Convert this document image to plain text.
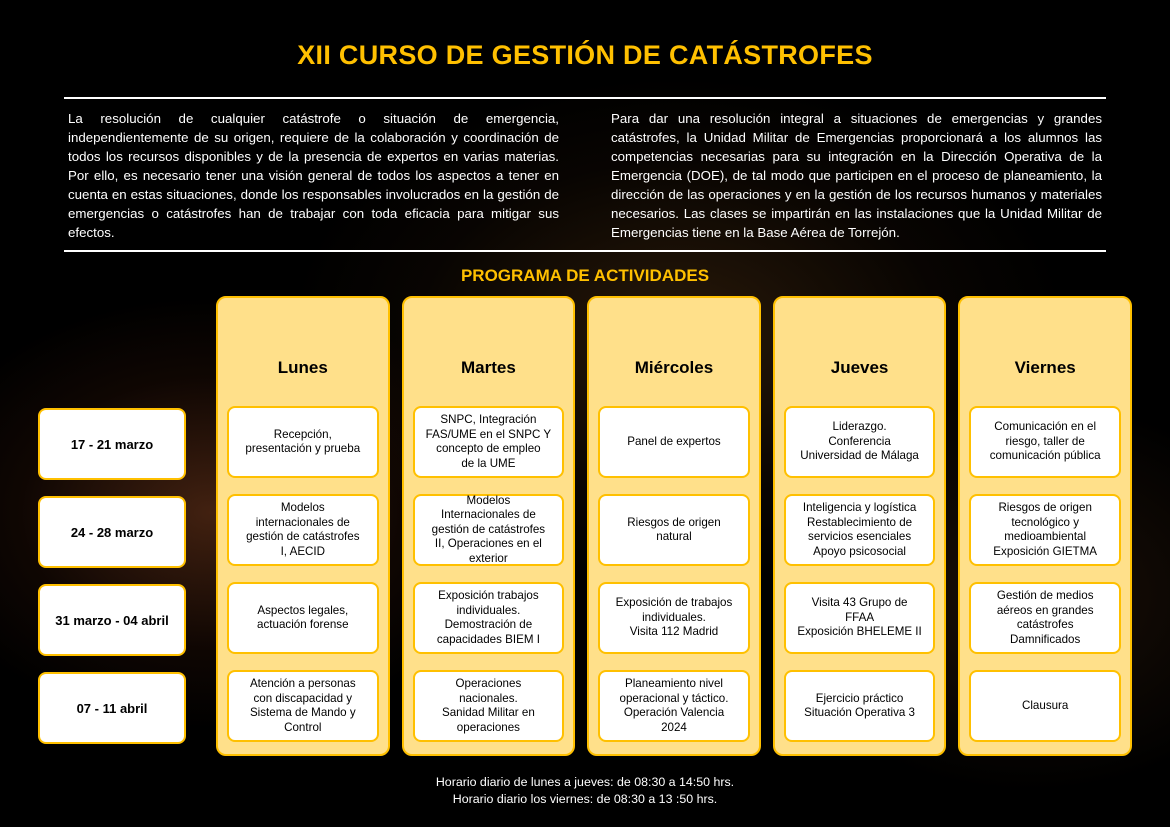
XII CURSO DE GESTIÓN DE CATÁSTROFES

La resolución de cualquier catástrofe o situación de emergencia, independientemente de su origen, requiere de la colaboración y coordinación de todos los recursos disponibles y de la presencia de expertos en varias materias. Por ello, es necesario tener una visión general de todos los aspectos a tener en cuenta en estas situaciones, donde los responsables involucrados en la gestión de emergencias o catástrofes han de trabajar con toda eficacia para mitigar sus efectos.

Para dar una resolución integral a situaciones de emergencias y grandes catástrofes, la Unidad Militar de Emergencias proporcionará a los alumnos las competencias necesarias para su integración en la Dirección Operativa de la Emergencia (DOE), de tal modo que participen en el proceso de planeamiento, la dirección de las operaciones y en la gestión de los recursos humanos y materiales necesarios. Las clases se impartirán en las instalaciones que la Unidad Militar de Emergencias tiene en la Base Aérea de Torrejón.

PROGRAMA DE ACTIVIDADES
17 - 21 marzo
24 - 28 marzo
31 marzo - 04 abril
07 - 11 abril
Lunes
Recepción,
presentación y prueba
Modelos
internacionales de
gestión de catástrofes
I, AECID
Aspectos legales,
actuación forense
Atención a personas
con discapacidad y
Sistema de Mando y
Control
Martes
SNPC, Integración
FAS/UME en el SNPC Y
concepto de empleo
de la UME
Modelos
Internacionales de
gestión de catástrofes
II, Operaciones en el
exterior
Exposición trabajos
individuales.
Demostración de
capacidades BIEM I
Operaciones
nacionales.
Sanidad Militar en
operaciones
Miércoles
Panel de expertos
Riesgos de origen
natural
Exposición de trabajos
individuales.
Visita 112 Madrid
Planeamiento nivel
operacional y táctico.
Operación Valencia
2024
Jueves
Liderazgo.
Conferencia
Universidad de Málaga
Inteligencia y logística
Restablecimiento de
servicios esenciales
Apoyo psicosocial
Visita 43 Grupo de
FFAA
Exposición BHELEME II
Ejercicio práctico
Situación Operativa 3
Viernes
Comunicación en el
riesgo, taller de
comunicación pública
Riesgos de origen
tecnológico y
medioambiental
Exposición GIETMA
Gestión de medios
aéreos en grandes
catástrofes
Damnificados
Clausura
Horario diario de lunes a jueves: de 08:30 a 14:50 hrs.
Horario diario los viernes: de 08:30 a 13 :50 hrs.
